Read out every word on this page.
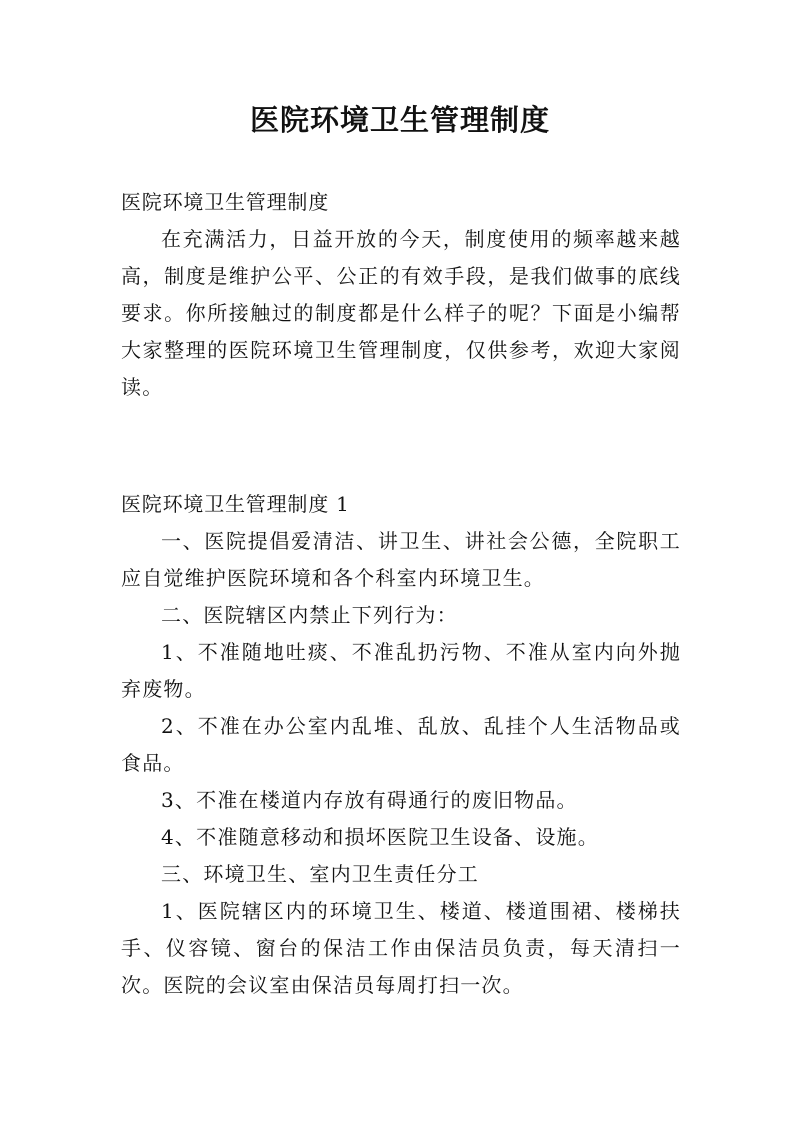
医院环境卫生管理制度
医院环境卫生管理制度

在充满活力，日益开放的今天，制度使用的频率越来越高，制度是维护公平、公正的有效手段，是我们做事的底线要求。你所接触过的制度都是什么样子的呢？下面是小编帮大家整理的医院环境卫生管理制度，仅供参考，欢迎大家阅读。

医院环境卫生管理制度 1

一、医院提倡爱清洁、讲卫生、讲社会公德，全院职工应自觉维护医院环境和各个科室内环境卫生。

二、医院辖区内禁止下列行为：

1、不准随地吐痰、不准乱扔污物、不准从室内向外抛弃废物。

2、不准在办公室内乱堆、乱放、乱挂个人生活物品或食品。

3、不准在楼道内存放有碍通行的废旧物品。

4、不准随意移动和损坏医院卫生设备、设施。

三、环境卫生、室内卫生责任分工

1、医院辖区内的环境卫生、楼道、楼道围裙、楼梯扶手、仪容镜、窗台的保洁工作由保洁员负责，每天清扫一次。医院的会议室由保洁员每周打扫一次。
